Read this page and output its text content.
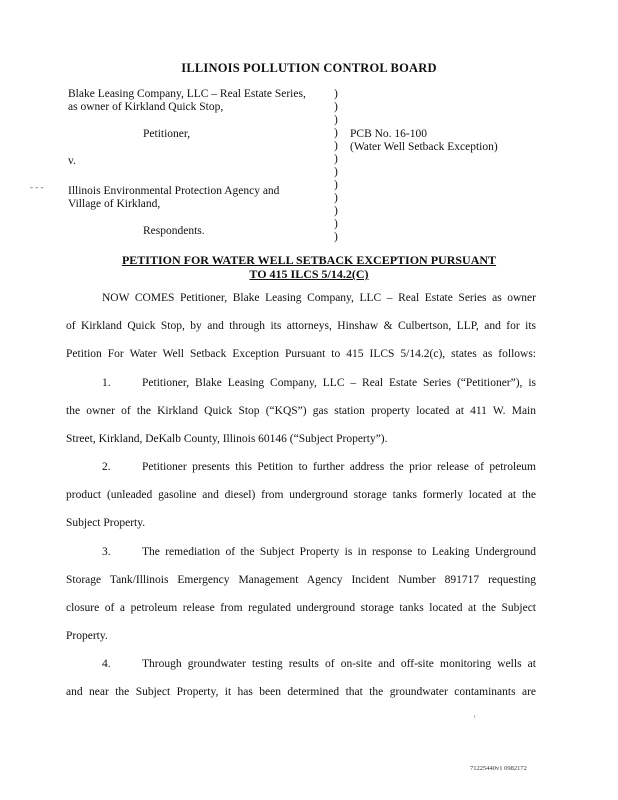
ILLINOIS POLLUTION CONTROL BOARD
Blake Leasing Company, LLC – Real Estate Series,
as owner of Kirkland Quick Stop,
Petitioner,
v.
- - - Illinois Environmental Protection Agency and
Village of Kirkland,
Respondents.
)
)
)
)
)
)
)
)
)
)
)
)
PCB No. 16-100
(Water Well Setback Exception)
PETITION FOR WATER WELL SETBACK EXCEPTION PURSUANT
TO 415 ILCS 5/14.2(C)
NOW COMES Petitioner, Blake Leasing Company, LLC – Real Estate Series as owner
of Kirkland Quick Stop, by and through its attorneys, Hinshaw & Culbertson, LLP, and for its
Petition For Water Well Setback Exception Pursuant to 415 ILCS 5/14.2(c), states as follows:
1.	Petitioner, Blake Leasing Company, LLC – Real Estate Series (“Petitioner”), is
the owner of the Kirkland Quick Stop (“KQS”) gas station property located at 411 W. Main
Street, Kirkland, DeKalb County, Illinois 60146 (“Subject Property”).
2.	Petitioner presents this Petition to further address the prior release of petroleum
product (unleaded gasoline and diesel) from underground storage tanks formerly located at the
Subject Property.
3.	The remediation of the Subject Property is in response to Leaking Underground
Storage Tank/Illinois Emergency Management Agency Incident Number 891717 requesting
closure of a petroleum release from regulated underground storage tanks located at the Subject
Property.
4.	Through groundwater testing results of on-site and off-site monitoring wells at
and near the Subject Property, it has been determined that the groundwater contaminants are
'
71225440v1 0982172
